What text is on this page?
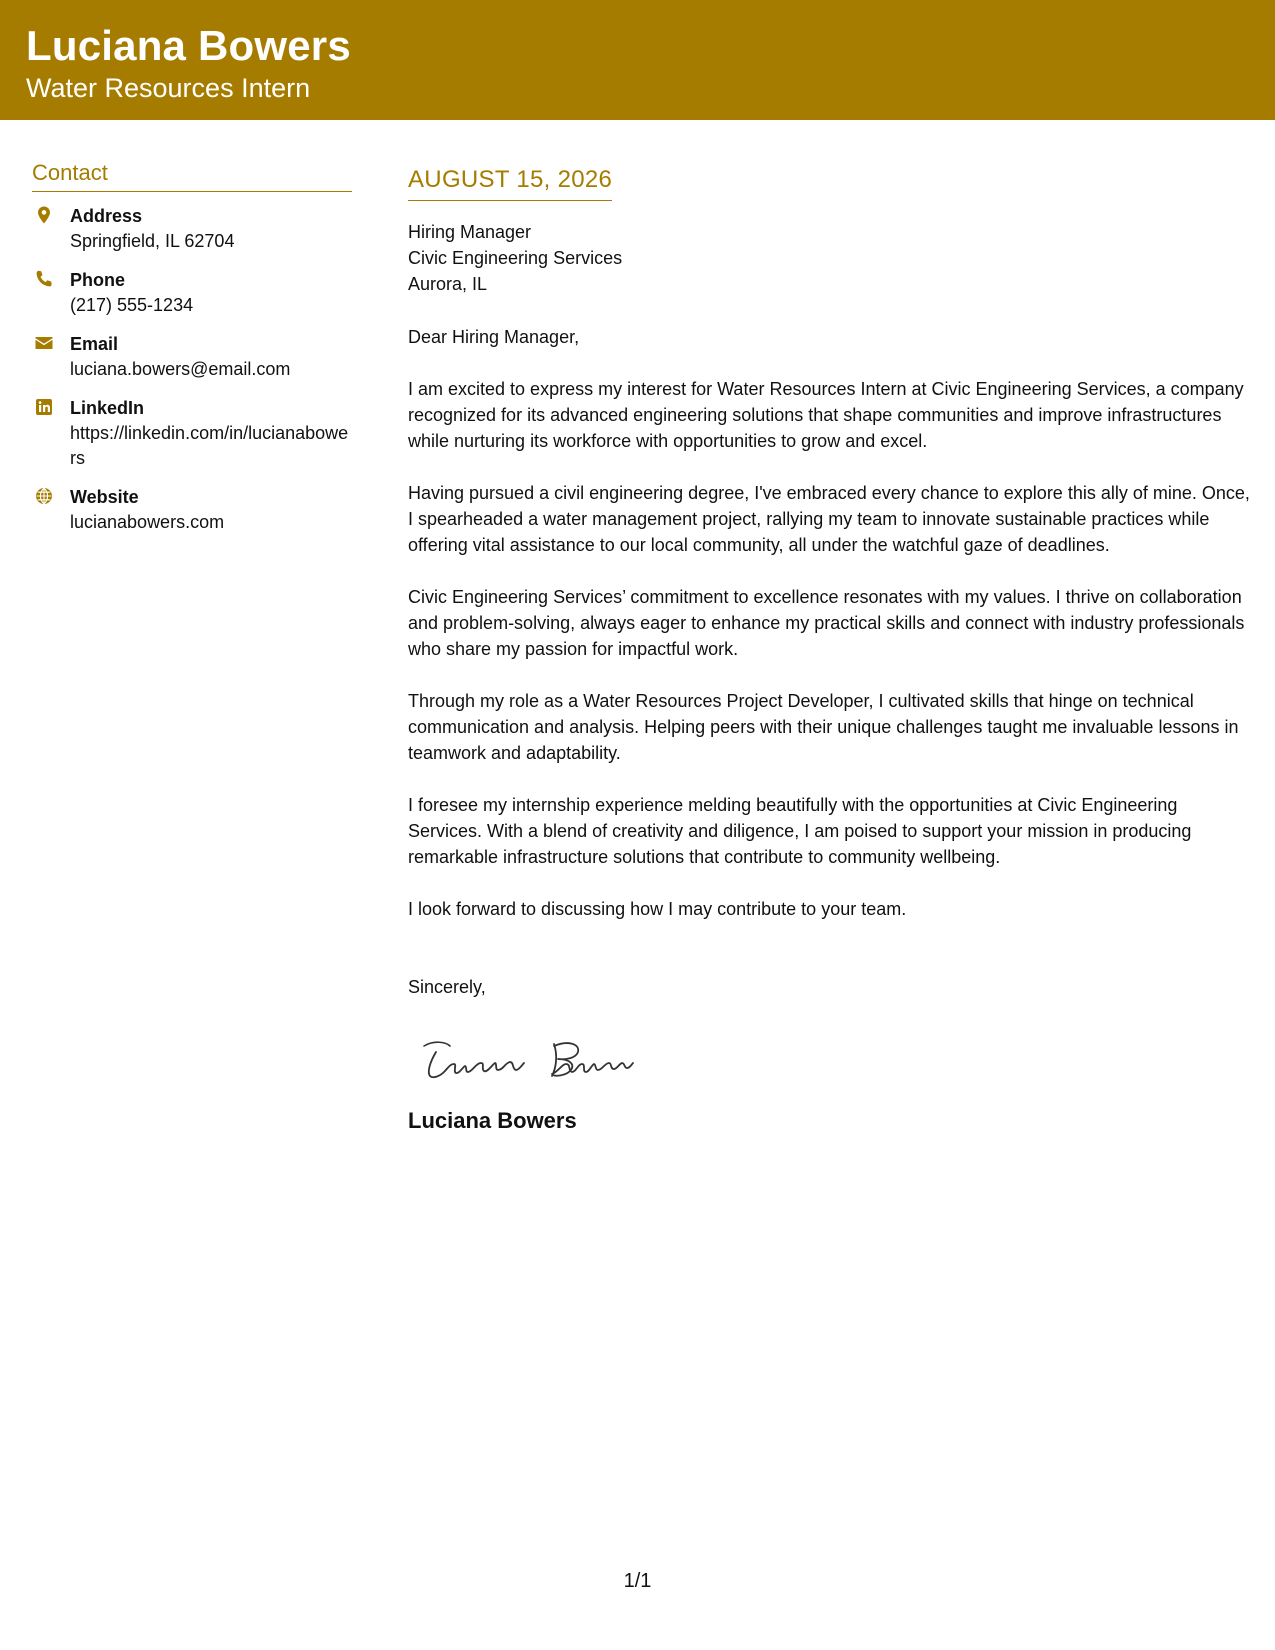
Luciana Bowers
Water Resources Intern
Contact
Address
Springfield, IL 62704
Phone
(217) 555-1234
Email
luciana.bowers@email.com
LinkedIn
https://linkedin.com/in/lucianabowers
Website
lucianabowers.com
AUGUST 15, 2026
Hiring Manager
Civic Engineering Services
Aurora, IL
Dear Hiring Manager,

I am excited to express my interest for Water Resources Intern at Civic Engineering Services, a company recognized for its advanced engineering solutions that shape communities and improve infrastructures while nurturing its workforce with opportunities to grow and excel.

Having pursued a civil engineering degree, I've embraced every chance to explore this ally of mine. Once, I spearheaded a water management project, rallying my team to innovate sustainable practices while offering vital assistance to our local community, all under the watchful gaze of deadlines.

Civic Engineering Services’ commitment to excellence resonates with my values. I thrive on collaboration and problem-solving, always eager to enhance my practical skills and connect with industry professionals who share my passion for impactful work.

Through my role as a Water Resources Project Developer, I cultivated skills that hinge on technical communication and analysis. Helping peers with their unique challenges taught me invaluable lessons in teamwork and adaptability.

I foresee my internship experience melding beautifully with the opportunities at Civic Engineering Services. With a blend of creativity and diligence, I am poised to support your mission in producing remarkable infrastructure solutions that contribute to community wellbeing.

I look forward to discussing how I may contribute to your team.

Sincerely,
Luciana Bowers
1/1
